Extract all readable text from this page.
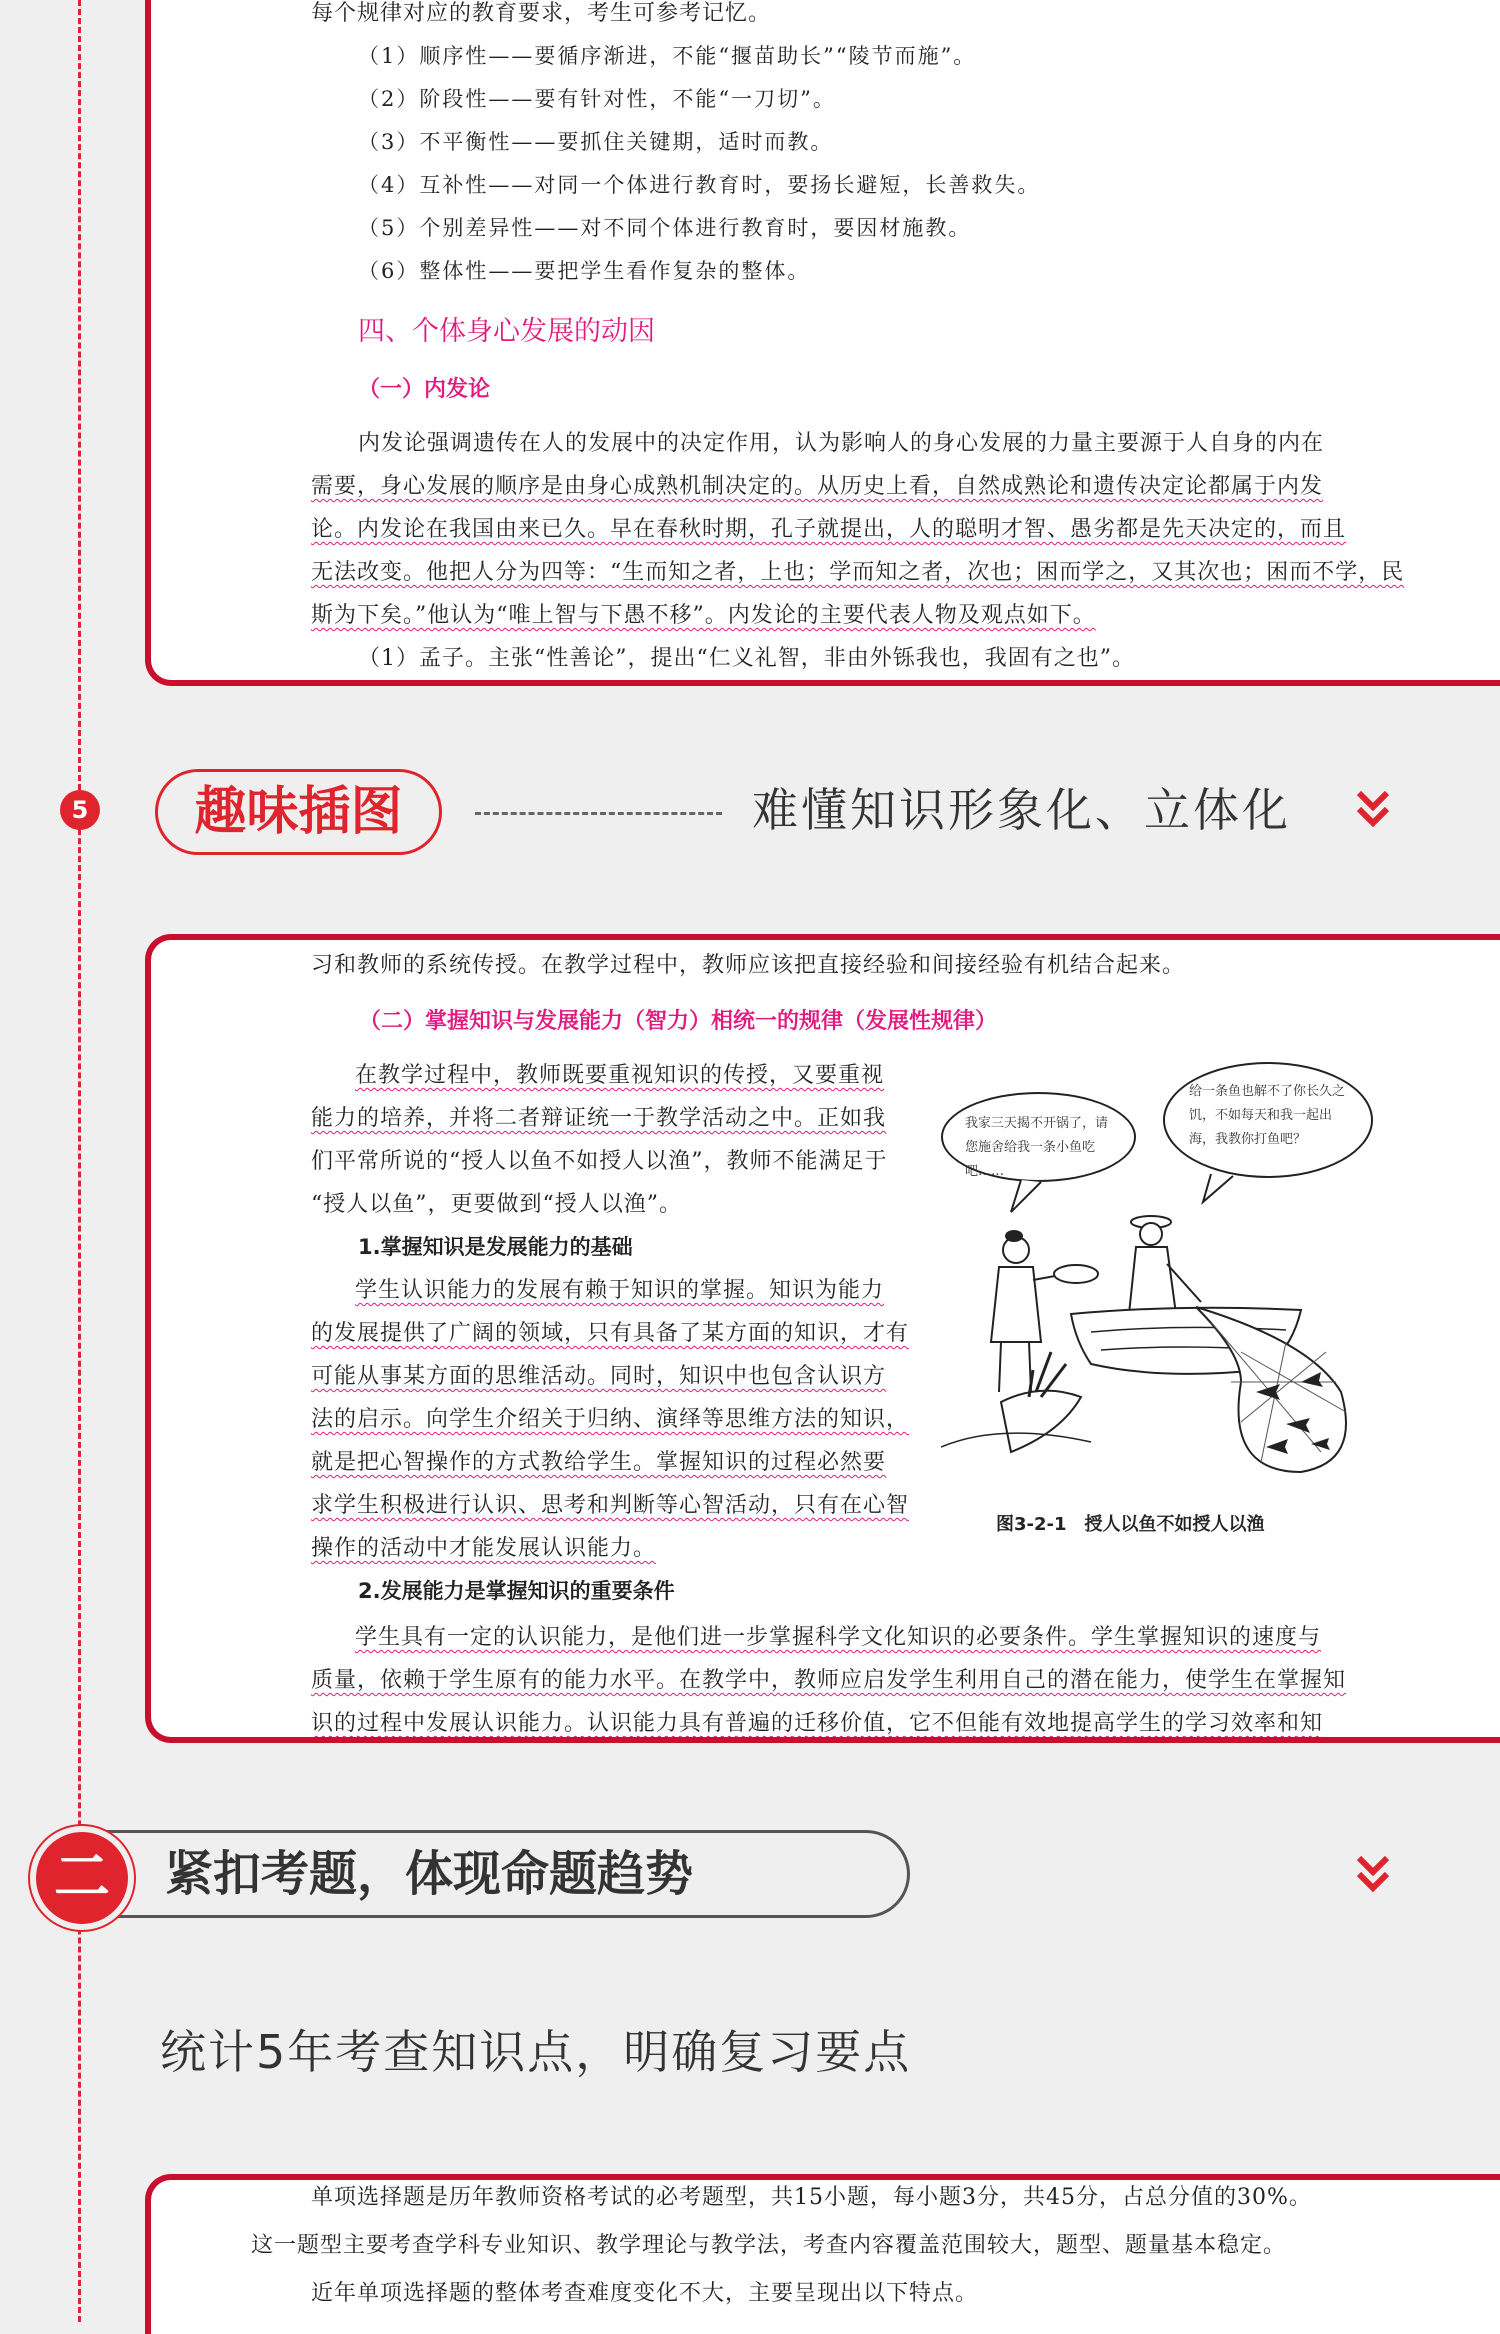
每个规律对应的教育要求，考生可参考记忆。

（1）顺序性——要循序渐进，不能“揠苗助长”“陵节而施”。

（2）阶段性——要有针对性，不能“一刀切”。

（3）不平衡性——要抓住关键期，适时而教。

（4）互补性——对同一个体进行教育时，要扬长避短，长善救失。

（5）个别差异性——对不同个体进行教育时，要因材施教。

（6）整体性——要把学生看作复杂的整体。

四、个体身心发展的动因

（一）内发论

内发论强调遗传在人的发展中的决定作用，认为影响人的身心发展的力量主要源于人自身的内在

需要，身心发展的顺序是由身心成熟机制决定的。从历史上看，自然成熟论和遗传决定论都属于内发

论。内发论在我国由来已久。早在春秋时期，孔子就提出，人的聪明才智、愚劣都是先天决定的，而且

无法改变。他把人分为四等：“生而知之者，上也；学而知之者，次也；困而学之，又其次也；困而不学，民

斯为下矣。”他认为“唯上智与下愚不移”。内发论的主要代表人物及观点如下。

（1）孟子。主张“性善论”，提出“仁义礼智，非由外铄我也，我固有之也”。

5	趣味插图	难懂知识形象化、立体化

习和教师的系统传授。在教学过程中，教师应该把直接经验和间接经验有机结合起来。

（二）掌握知识与发展能力（智力）相统一的规律（发展性规律）

在教学过程中，教师既要重视知识的传授，又要重视

能力的培养，并将二者辩证统一于教学活动之中。正如我

们平常所说的“授人以鱼不如授人以渔”，教师不能满足于

“授人以鱼”，更要做到“授人以渔”。

1.掌握知识是发展能力的基础

学生认识能力的发展有赖于知识的掌握。知识为能力

的发展提供了广阔的领域，只有具备了某方面的知识，才有

可能从事某方面的思维活动。同时，知识中也包含认识方

法的启示。向学生介绍关于归纳、演绎等思维方法的知识，

就是把心智操作的方式教给学生。掌握知识的过程必然要

求学生积极进行认识、思考和判断等心智活动，只有在心智

操作的活动中才能发展认识能力。

2.发展能力是掌握知识的重要条件

学生具有一定的认识能力，是他们进一步掌握科学文化知识的必要条件。学生掌握知识的速度与

质量，依赖于学生原有的能力水平。在教学中，教师应启发学生利用自己的潜在能力，使学生在掌握知

识的过程中发展认识能力。认识能力具有普遍的迁移价值，它不但能有效地提高学生的学习效率和知

我家三天揭不开锅了，请您施舍给我一条小鱼吃吧……
给一条鱼也解不了你长久之饥，不如每天和我一起出海，我教你打鱼吧？
图3-2-1　授人以鱼不如授人以渔
紧扣考题，体现命题趋势
二
统计5年考查知识点，明确复习要点

单项选择题是历年教师资格考试的必考题型，共15小题，每小题3分，共45分，占总分值的30%。

这一题型主要考查学科专业知识、教学理论与教学法，考查内容覆盖范围较大，题型、题量基本稳定。

近年单项选择题的整体考查难度变化不大，主要呈现出以下特点。
